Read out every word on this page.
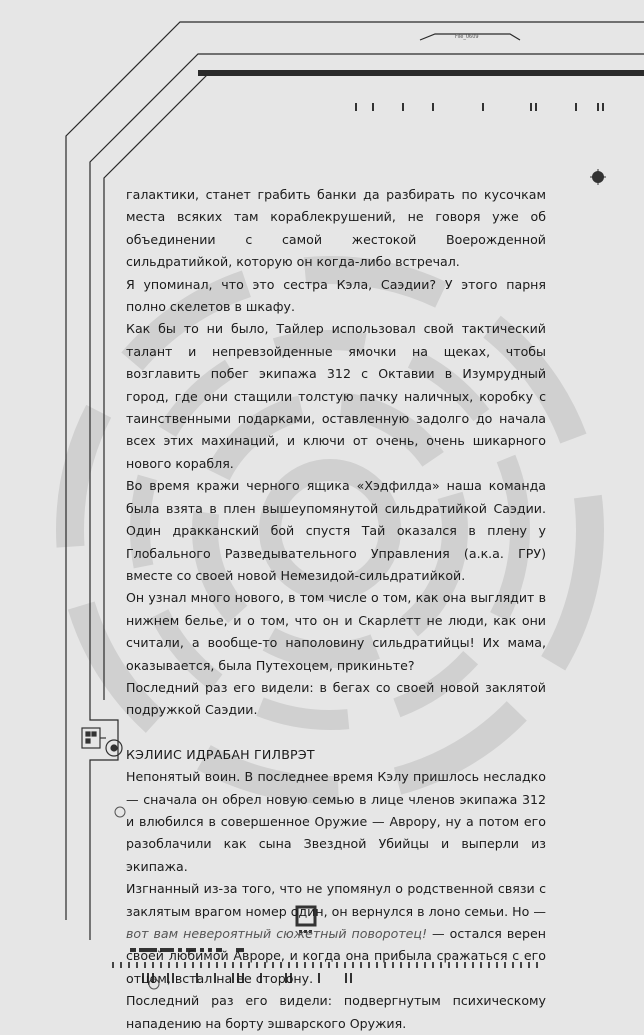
File_0609

галактики, станет грабить банки да разбирать по кусочкам места всяких там кораблекрушений, не говоря уже об объединении с самой жестокой Воерожденной сильдратийкой, которую он когда-либо встречал.

Я упоминал, что это сестра Кэла, Саэдии? У этого парня полно скелетов в шкафу.

Как бы то ни было, Тайлер использовал свой тактический талант и непревзойденные ямочки на щеках, чтобы возглавить побег экипажа 312 с Октавии в Изумрудный город, где они стащили толстую пачку наличных, коробку с таинственными подарками, оставленную задолго до начала всех этих махинаций, и ключи от очень, очень шикарного нового корабля.

Во время кражи черного ящика «Хэдфилда» наша команда была взята в плен вышеупомянутой сильдратийкой Саэдии. Один дракканский бой спустя Тай оказался в плену у Глобального Разведывательного Управления (а.к.а. ГРУ) вместе со своей новой Немезидой-сильдратийкой.

Он узнал много нового, в том числе о том, как она выглядит в нижнем белье, и о том, что он и Скарлетт не люди, как они считали, а вообще-то наполовину сильдратийцы! Их мама, оказывается, была Путехоцем, прикиньте?

Последний раз его видели: в бегах со своей новой заклятой подружкой Саэдии.

КЭЛИИС ИДРАБАН ГИЛВРЭТ

Непонятый воин. В последнее время Кэлу пришлось несладко — сначала он обрел новую семью в лице членов экипажа 312 и влюбился в совершенное Оружие — Аврору, ну а потом его разоблачили как сына Звездной Убийцы и выперли из экипажа.

Изгнанный из-за того, что не упомянул о родственной связи с заклятым врагом номер один, он вернулся в лоно семьи. Но — вот вам невероятный сюжетный поворотец! — остался верен своей любимой Авроре, и когда она прибыла сражаться с его отцом, встал на ее сторону.

Последний раз его видели: подвергнутым психическому нападению на борту эшварского Оружия.
